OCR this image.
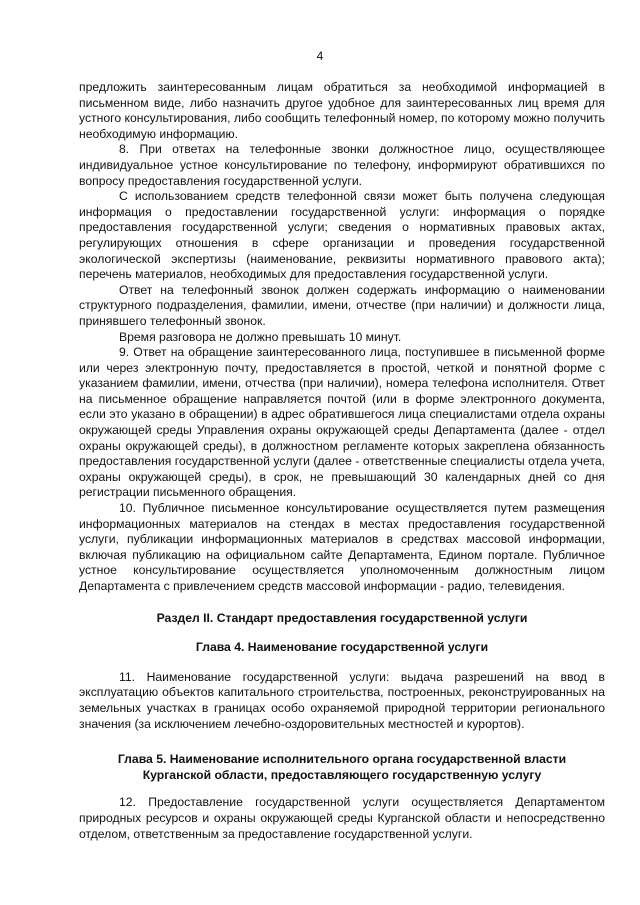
4

предложить заинтересованным лицам обратиться за необходимой информацией в письменном виде, либо назначить другое удобное для заинтересованных лиц время для устного консультирования, либо сообщить телефонный номер, по которому можно получить необходимую информацию.

8. При ответах на телефонные звонки должностное лицо, осуществляющее индивидуальное устное консультирование по телефону, информируют обратившихся по вопросу предоставления государственной услуги.

С использованием средств телефонной связи может быть получена следующая информация о предоставлении государственной услуги: информация о порядке предоставления государственной услуги; сведения о нормативных правовых актах, регулирующих отношения в сфере организации и проведения государственной экологической экспертизы (наименование, реквизиты нормативного правового акта); перечень материалов, необходимых для предоставления государственной услуги.

Ответ на телефонный звонок должен содержать информацию о наименовании структурного подразделения, фамилии, имени, отчестве (при наличии) и должности лица, принявшего телефонный звонок.

Время разговора не должно превышать 10 минут.

9. Ответ на обращение заинтересованного лица, поступившее в письменной форме или через электронную почту, предоставляется в простой, четкой и понятной форме с указанием фамилии, имени, отчества (при наличии), номера телефона исполнителя. Ответ на письменное обращение направляется почтой (или в форме электронного документа, если это указано в обращении) в адрес обратившегося лица специалистами отдела охраны окружающей среды Управления охраны окружающей среды Департамента (далее - отдел охраны окружающей среды), в должностном регламенте которых закреплена обязанность предоставления государственной услуги (далее - ответственные специалисты отдела учета, охраны окружающей среды), в срок, не превышающий 30 календарных дней со дня регистрации письменного обращения.

10. Публичное письменное консультирование осуществляется путем размещения информационных материалов на стендах в местах предоставления государственной услуги, публикации информационных материалов в средствах массовой информации, включая публикацию на официальном сайте Департамента, Едином портале. Публичное устное консультирование осуществляется уполномоченным должностным лицом Департамента с привлечением средств массовой информации - радио, телевидения.

Раздел II. Стандарт предоставления государственной услуги

Глава 4. Наименование государственной услуги

11. Наименование государственной услуги: выдача разрешений на ввод в эксплуатацию объектов капитального строительства, построенных, реконструированных на земельных участках в границах особо охраняемой природной территории регионального значения (за исключением лечебно-оздоровительных местностей и курортов).

Глава 5. Наименование исполнительного органа государственной власти
Курганской области, предоставляющего государственную услугу

12. Предоставление государственной услуги осуществляется Департаментом природных ресурсов и охраны окружающей среды Курганской области и непосредственно отделом, ответственным за предоставление государственной услуги.
